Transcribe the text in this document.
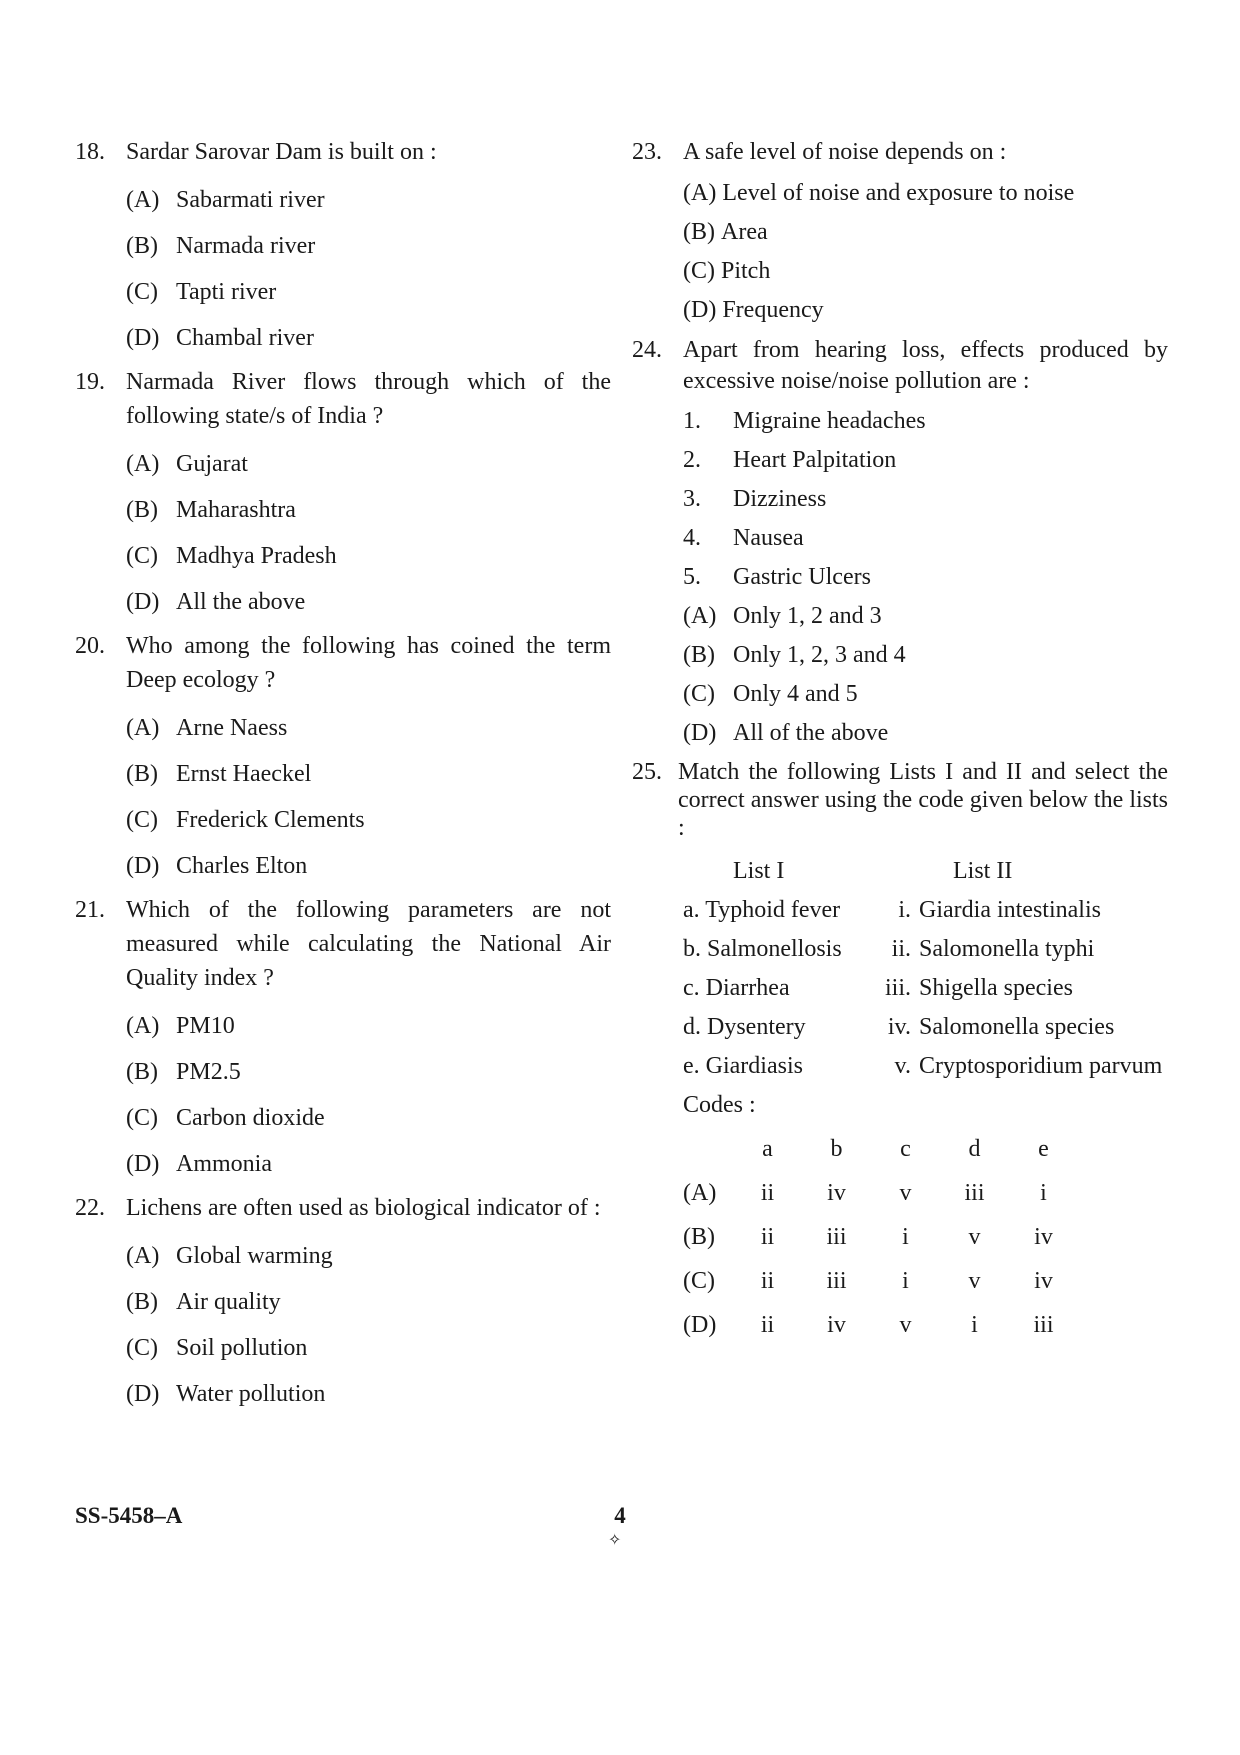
18. Sardar Sarovar Dam is built on :
(A) Sabarmati river
(B) Narmada river
(C) Tapti river
(D) Chambal river
19. Narmada River flows through which of the following state/s of India ?
(A) Gujarat
(B) Maharashtra
(C) Madhya Pradesh
(D) All the above
20. Who among the following has coined the term Deep ecology ?
(A) Arne Naess
(B) Ernst Haeckel
(C) Frederick Clements
(D) Charles Elton
21. Which of the following parameters are not measured while calculating the National Air Quality index ?
(A) PM10
(B) PM2.5
(C) Carbon dioxide
(D) Ammonia
22. Lichens are often used as biological indicator of :
(A) Global warming
(B) Air quality
(C) Soil pollution
(D) Water pollution
23. A safe level of noise depends on :
(A)
Level of noise and exposure to noise
(B)
Area
(C)
Pitch
(D)
Frequency
24. Apart from hearing loss, effects produced by excessive noise/noise pollution are :
1.	Migraine headaches
2.	Heart Palpitation
3.	Dizziness
4.	Nausea
5.	Gastric Ulcers
(A) Only 1, 2 and 3
(B) Only 1, 2, 3 and 4
(C) Only 4 and 5
(D) All of the above
25. Match the following Lists I and II and select the correct answer using the code given below the lists :
List I	List II
a. Typhoid fever	i. Giardia intestinalis
b. Salmonellosis	ii. Salomonella typhi
c. Diarrhea	iii. Shigella species
d. Dysentery	iv. Salomonella species
e. Giardiasis	v. Cryptosporidium parvum
Codes :
a	b	c	d	e
(A)	ii	iv	v	iii	i
(B)	ii	iii	i	v	iv
(C)	ii	iii	i	v	iv
(D)	ii	iv	v	i	iii
SS-5458–A	4
✧
